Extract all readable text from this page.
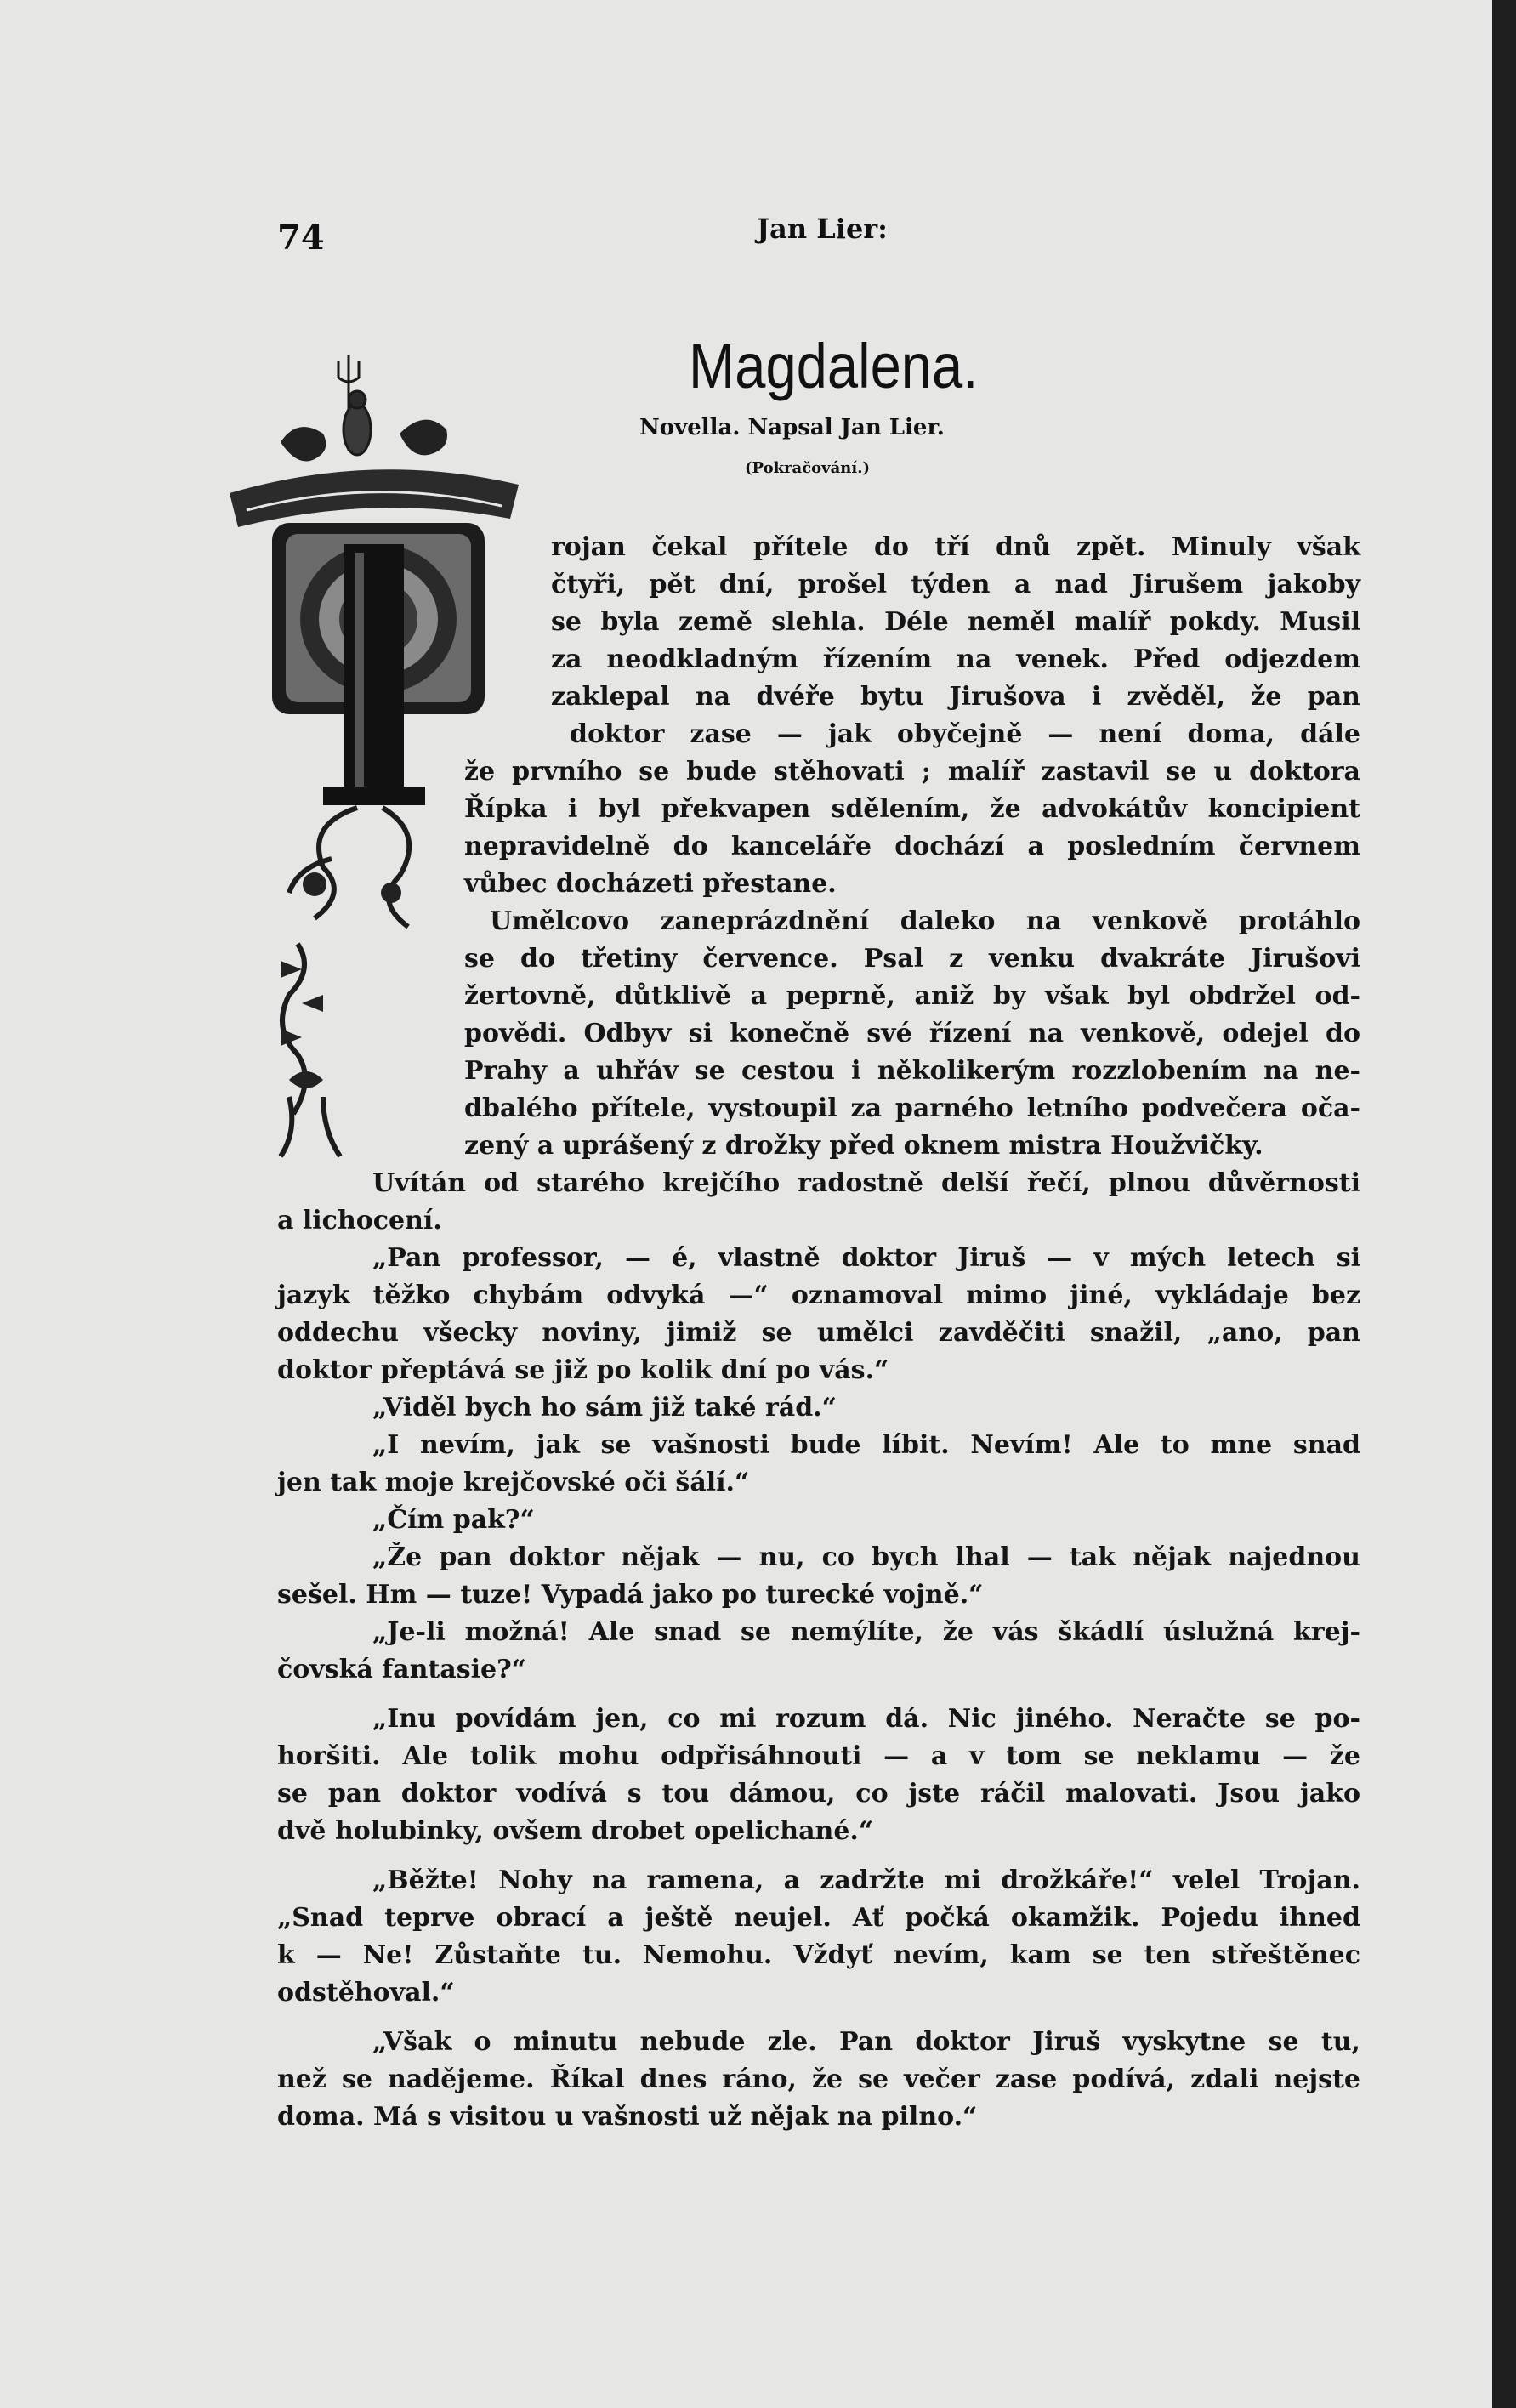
74	Jan Lier:
Magdalena.
Novella. Napsal Jan Lier.
(Pokračování.)
rojan čekal přítele do tří dnů zpět. Minuly však
čtyři, pět dní, prošel týden a nad Jirušem jakoby
se byla země slehla. Déle neměl malíř pokdy. Musil
za neodkladným řízením na venek. Před odjezdem
zaklepal na dvéře bytu Jirušova i zvěděl, že pan
doktor zase — jak obyčejně — není doma, dále
že prvního se bude stěhovati ; malíř zastavil se u doktora
Řípka i byl překvapen sdělením, že advokátův koncipient
nepravidelně do kanceláře dochází a posledním červnem
vůbec docházeti přestane.
Umělcovo zaneprázdnění daleko na venkově protáhlo
se do třetiny července. Psal z venku dvakráte Jirušovi
žertovně, důtklivě a peprně, aniž by však byl obdržel od-
povědi. Odbyv si konečně své řízení na venkově, odejel do
Prahy a uhřáv se cestou i několikerým rozzlobením na ne-
dbalého přítele, vystoupil za parného letního podvečera oča-
zený a uprášený z drožky před oknem mistra Houžvičky.
Uvítán od starého krejčího radostně delší řečí, plnou důvěrnosti
a lichocení.
„Pan professor, — é, vlastně doktor Jiruš — v mých letech si
jazyk těžko chybám odvyká —“ oznamoval mimo jiné, vykládaje bez
oddechu všecky noviny, jimiž se umělci zavděčiti snažil, „ano, pan
doktor přeptává se již po kolik dní po vás.“
„Viděl bych ho sám již také rád.“
„I nevím, jak se vašnosti bude líbit. Nevím! Ale to mne snad
jen tak moje krejčovské oči šálí.“
„Čím pak?“
„Že pan doktor nějak — nu, co bych lhal — tak nějak najednou
sešel. Hm — tuze! Vypadá jako po turecké vojně.“
„Je-li možná! Ale snad se nemýlíte, že vás škádlí úslužná krej-
čovská fantasie?“
„Inu povídám jen, co mi rozum dá. Nic jiného. Neračte se po-
horšiti. Ale tolik mohu odpřisáhnouti — a v tom se neklamu — že
se pan doktor vodívá s tou dámou, co jste ráčil malovati. Jsou jako
dvě holubinky, ovšem drobet opelichané.“
„Běžte! Nohy na ramena, a zadržte mi drožkáře!“ velel Trojan.
„Snad teprve obrací a ještě neujel. Ať počká okamžik. Pojedu ihned
k — Ne! Zůstaňte tu. Nemohu. Vždyť nevím, kam se ten střeštěnec
odstěhoval.“
„Však o minutu nebude zle. Pan doktor Jiruš vyskytne se tu,
než se nadějeme. Říkal dnes ráno, že se večer zase podívá, zdali nejste
doma. Má s visitou u vašnosti už nějak na pilno.“
